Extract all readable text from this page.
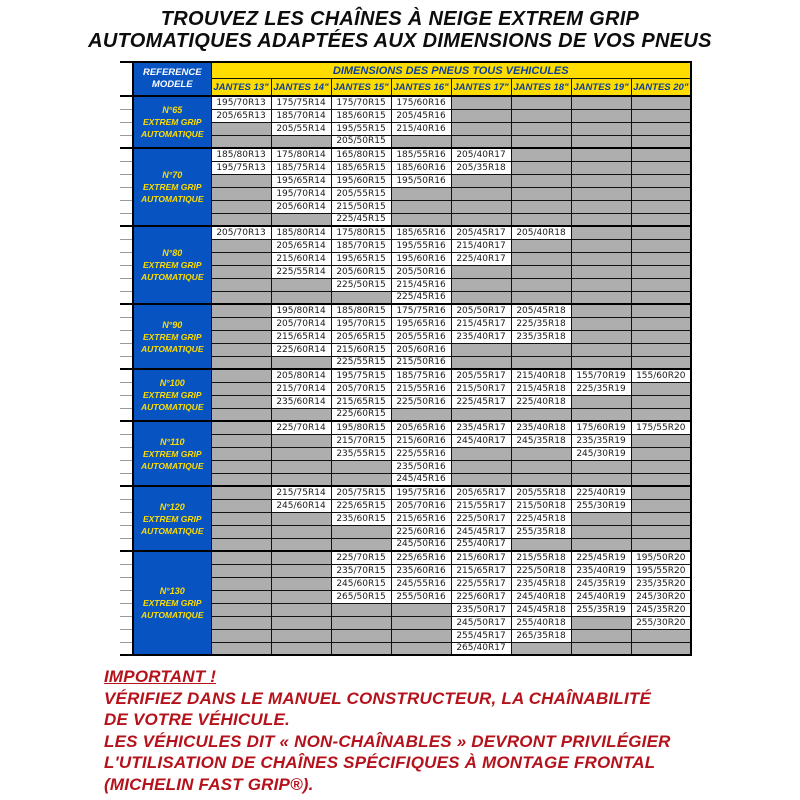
TROUVEZ LES CHAÎNES À NEIGE EXTREM GRIP
AUTOMATIQUES ADAPTÉES AUX DIMENSIONS DE VOS PNEUS

	REFERENCE
MODELE	DIMENSIONS DES PNEUS TOUS VEHICULES							
		JANTES 13"	JANTES 14"	JANTES 15"	JANTES 16"	JANTES 17"	JANTES 18"	JANTES 19"	JANTES 20"

	N°65
EXTREM GRIP
AUTOMATIQUE	195/70R13	175/75R14	175/70R15	175/60R16				
		205/65R13	185/70R14	185/60R15	205/45R16				
			205/55R14	195/55R15	215/40R16				
				205/50R15					

	N°70
EXTREM GRIP
AUTOMATIQUE	185/80R13	175/80R14	165/80R15	185/55R16	205/40R17			
		195/75R13	185/75R14	185/65R15	185/60R16	205/35R18			
			195/65R14	195/60R15	195/50R16				
			195/70R14	205/55R15					
			205/60R14	215/50R15					
				225/45R15					

	N°80
EXTREM GRIP
AUTOMATIQUE	205/70R13	185/80R14	175/80R15	185/65R16	205/45R17	205/40R18		
			205/65R14	185/70R15	195/55R16	215/40R17			
			215/60R14	195/65R15	195/60R16	225/40R17			
			225/55R14	205/60R15	205/50R16				
				225/50R15	215/45R16				
					225/45R16				

	N°90
EXTREM GRIP
AUTOMATIQUE		195/80R14	185/80R15	175/75R16	205/50R17	205/45R18		
			205/70R14	195/70R15	195/65R16	215/45R17	225/35R18		
			215/65R14	205/65R15	205/55R16	235/40R17	235/35R18		
			225/60R14	215/60R15	205/60R16				
				225/55R15	215/50R16				

	N°100
EXTREM GRIP
AUTOMATIQUE		205/80R14	195/75R15	185/75R16	205/55R17	215/40R18	155/70R19	155/60R20
			215/70R14	205/70R15	215/55R16	215/50R17	215/45R18	225/35R19	
			235/60R14	215/65R15	225/50R16	225/45R17	225/40R18		
				225/60R15					

	N°110
EXTREM GRIP
AUTOMATIQUE		225/70R14	195/80R15	205/65R16	235/45R17	235/40R18	175/60R19	175/55R20
				215/70R15	215/60R16	245/40R17	245/35R18	235/35R19	
				235/55R15	225/55R16			245/30R19	
					235/50R16				
					245/45R16				

	N°120
EXTREM GRIP
AUTOMATIQUE		215/75R14	205/75R15	195/75R16	205/65R17	205/55R18	225/40R19	
			245/60R14	225/65R15	205/70R16	215/55R17	215/50R18	255/30R19	
				235/60R15	215/65R16	225/50R17	225/45R18		
					225/60R16	245/45R17	255/35R18		
					245/50R16	255/40R17			

	N°130
EXTREM GRIP
AUTOMATIQUE			225/70R15	225/65R16	215/60R17	215/55R18	225/45R19	195/50R20
				235/70R15	235/60R16	215/65R17	225/50R18	235/40R19	195/55R20
				245/60R15	245/55R16	225/55R17	235/45R18	245/35R19	235/35R20
				265/50R15	255/50R16	225/60R17	245/40R18	245/40R19	245/30R20
						235/50R17	245/45R18	255/35R19	245/35R20
						245/50R17	255/40R18		255/30R20
						255/45R17	265/35R18		
						265/40R17			
IMPORTANT !
VÉRIFIEZ DANS LE MANUEL CONSTRUCTEUR, LA CHAÎNABILITÉ
DE VOTRE VÉHICULE.
LES VÉHICULES DIT « NON-CHAÎNABLES » DEVRONT PRIVILÉGIER
L'UTILISATION DE CHAÎNES SPÉCIFIQUES À MONTAGE FRONTAL
(MICHELIN FAST GRIP®).
